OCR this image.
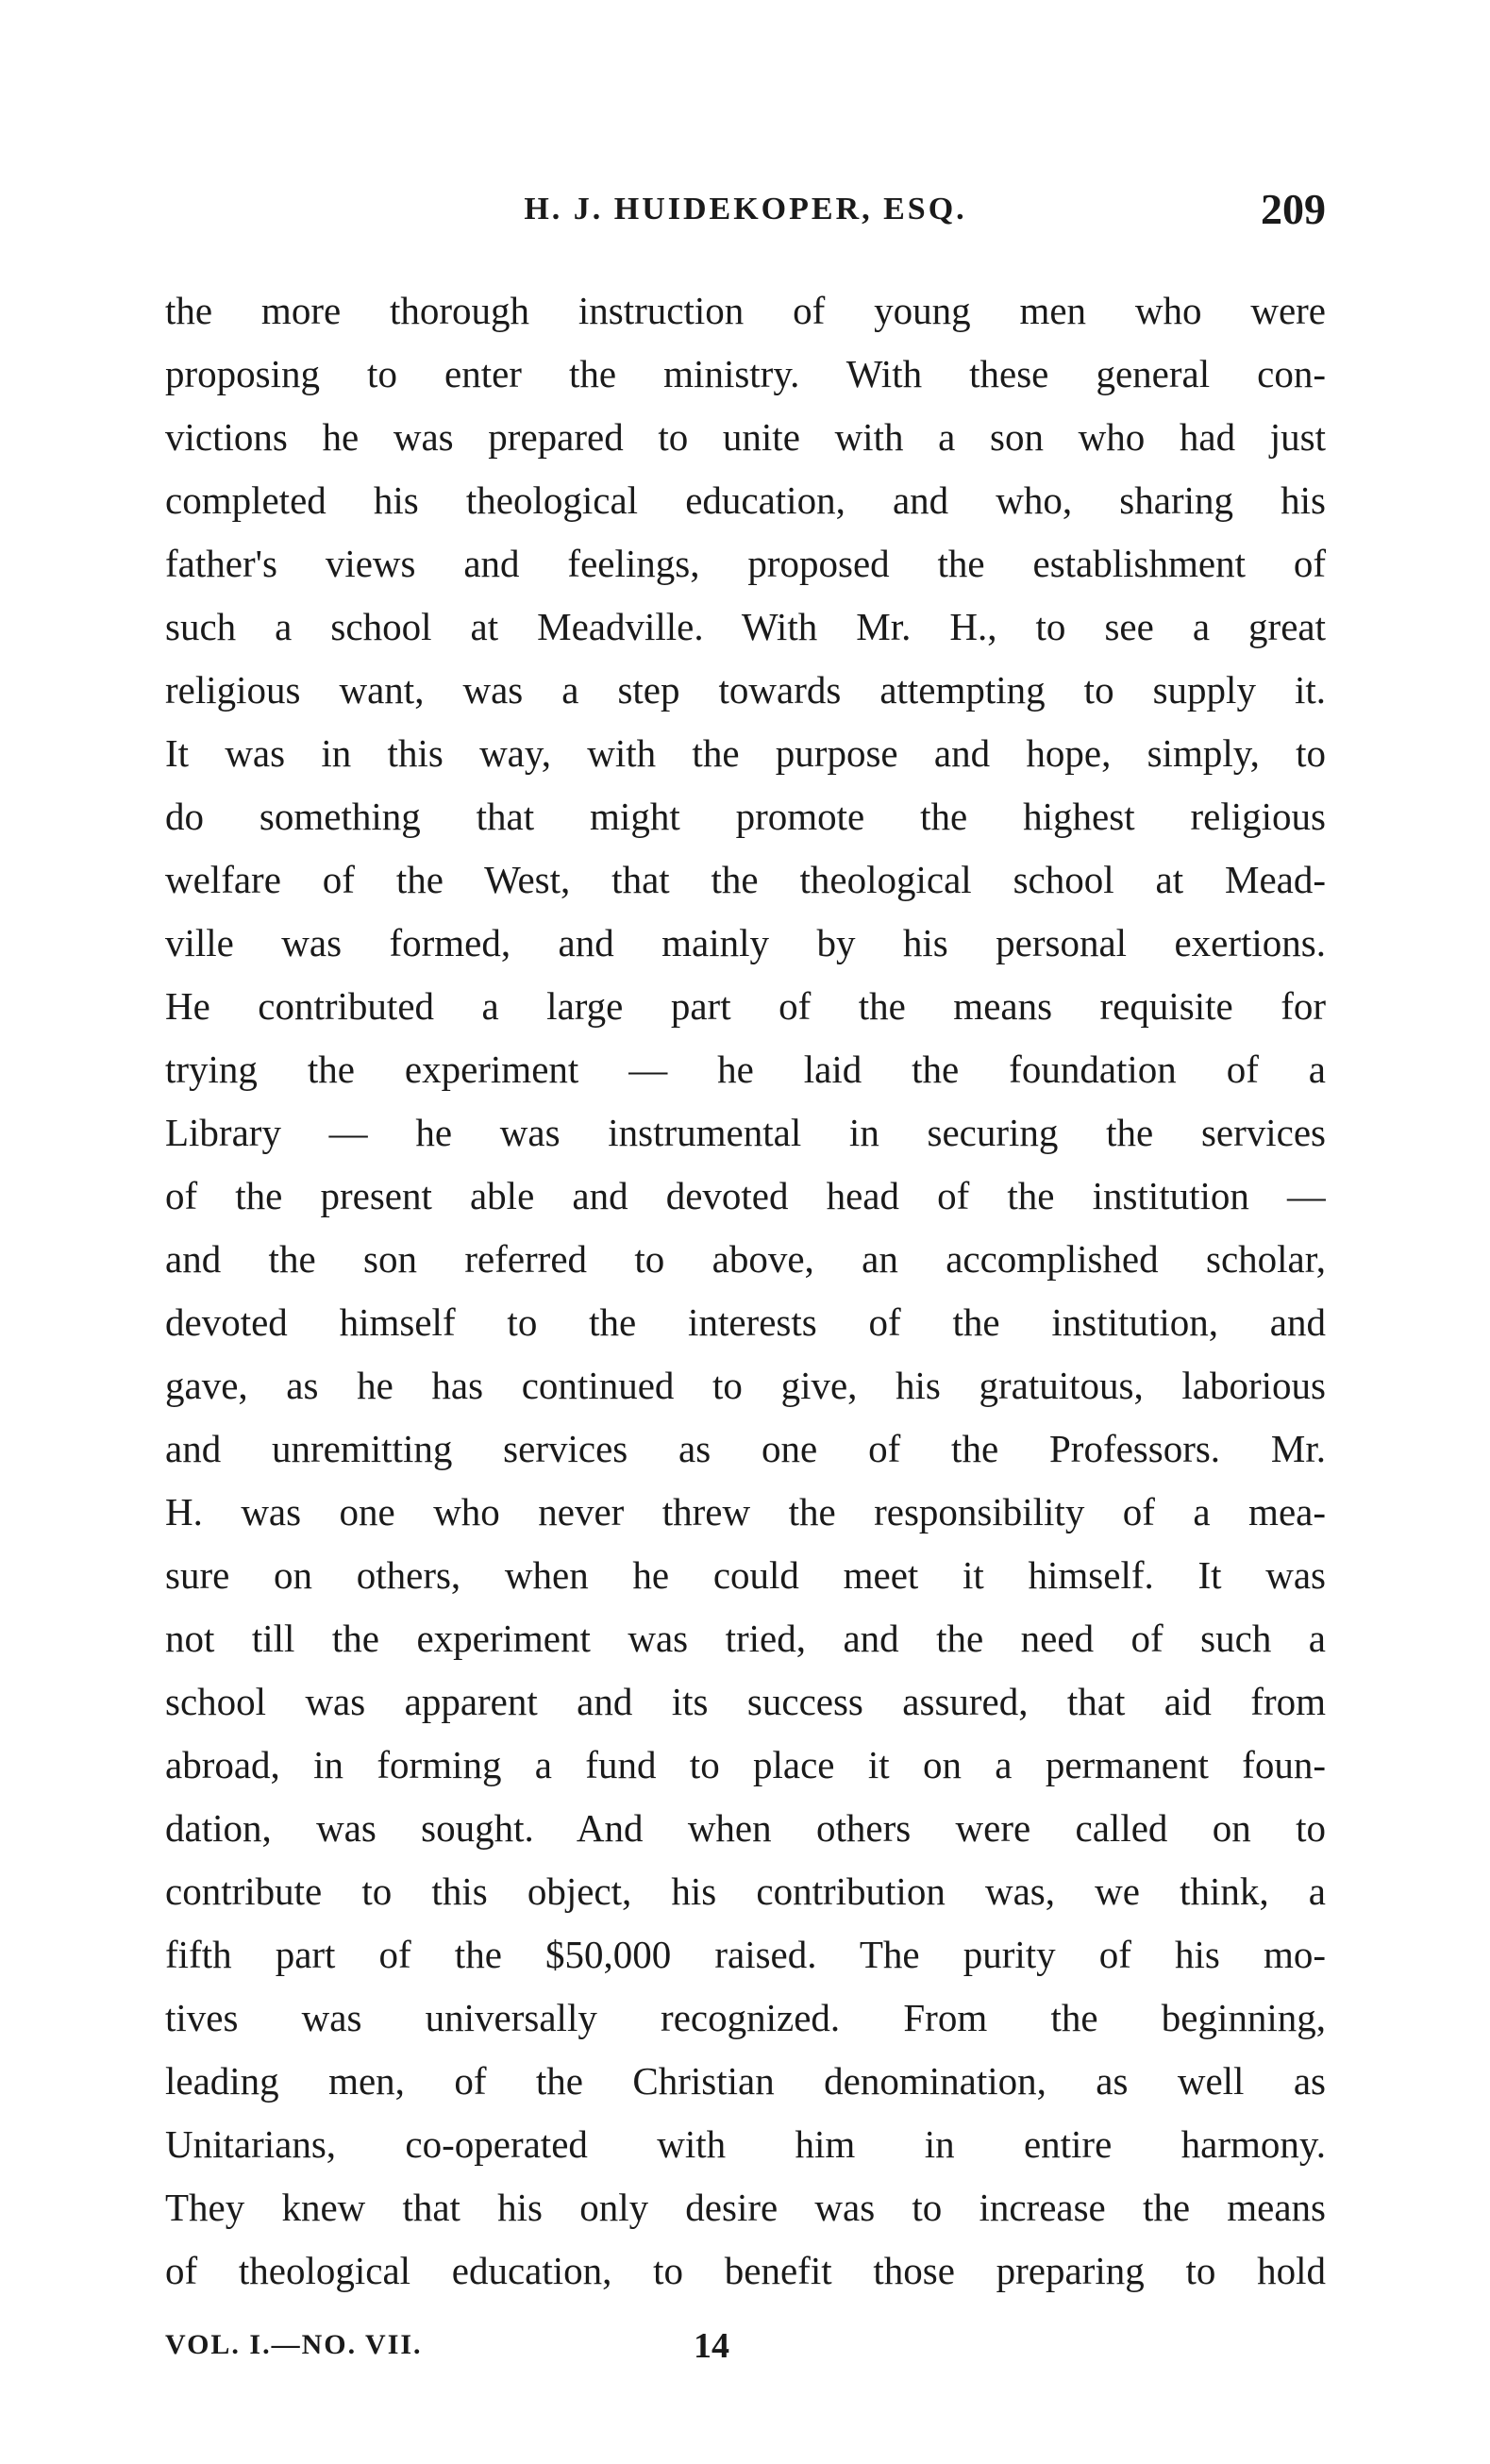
H. J. HUIDEKOPER, ESQ.	209
the more thorough instruction of young men who were
proposing to enter the ministry. With these general con-
victions he was prepared to unite with a son who had just
completed his theological education, and who, sharing his
father's views and feelings, proposed the establishment of
such a school at Meadville. With Mr. H., to see a great
religious want, was a step towards attempting to supply it.
It was in this way, with the purpose and hope, simply, to
do something that might promote the highest religious
welfare of the West, that the theological school at Mead-
ville was formed, and mainly by his personal exertions.
He contributed a large part of the means requisite for
trying the experiment — he laid the foundation of a
Library — he was instrumental in securing the services
of the present able and devoted head of the institution —
and the son referred to above, an accomplished scholar,
devoted himself to the interests of the institution, and
gave, as he has continued to give, his gratuitous, laborious
and unremitting services as one of the Professors. Mr.
H. was one who never threw the responsibility of a mea-
sure on others, when he could meet it himself. It was
not till the experiment was tried, and the need of such a
school was apparent and its success assured, that aid from
abroad, in forming a fund to place it on a permanent foun-
dation, was sought. And when others were called on to
contribute to this object, his contribution was, we think, a
fifth part of the $50,000 raised. The purity of his mo-
tives was universally recognized. From the beginning,
leading men, of the Christian denomination, as well as
Unitarians, co-operated with him in entire harmony.
They knew that his only desire was to increase the means
of theological education, to benefit those preparing to hold
VOL. I.—NO. VII.	14
